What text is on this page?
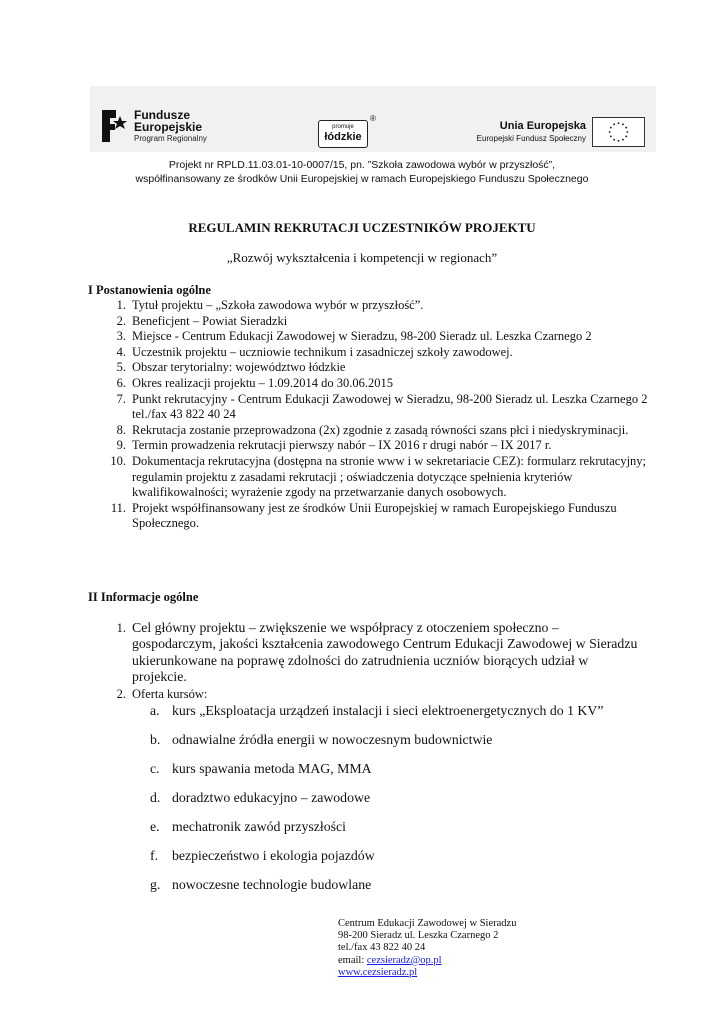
Fundusze
Europejskie
Program Regionalny
promuje
łódzkie
®
Unia Europejska
Europejski Fundusz Społeczny
Projekt nr RPLD.11.03.01-10-0007/15, pn. ”Szkoła zawodowa wybór w przyszłość”,
współfinansowany ze środków Unii Europejskiej w ramach Europejskiego Funduszu Społecznego
REGULAMIN REKRUTACJI UCZESTNIKÓW PROJEKTU
„Rozwój wykształcenia i kompetencji w regionach”
I Postanowienia ogólne
1. Tytuł projektu – „Szkoła zawodowa wybór w przyszłość”.
2. Beneficjent – Powiat Sieradzki
3. Miejsce - Centrum Edukacji Zawodowej w Sieradzu, 98-200 Sieradz ul. Leszka Czarnego 2
4. Uczestnik projektu – uczniowie technikum i zasadniczej szkoły zawodowej.
5. Obszar terytorialny: województwo łódzkie
6. Okres realizacji projektu – 1.09.2014 do 30.06.2015
7. Punkt rekrutacyjny - Centrum Edukacji Zawodowej w Sieradzu, 98-200 Sieradz ul. Leszka Czarnego 2 tel./fax 43 822 40 24
8. Rekrutacja zostanie przeprowadzona (2x) zgodnie z zasadą równości szans płci i niedyskryminacji.
9. Termin prowadzenia rekrutacji pierwszy nabór – IX 2016 r drugi nabór – IX 2017 r.
10. Dokumentacja rekrutacyjna (dostępna na stronie www i w sekretariacie CEZ): formularz rekrutacyjny; regulamin projektu z zasadami rekrutacji ; oświadczenia dotyczące spełnienia kryteriów kwalifikowalności; wyrażenie zgody na przetwarzanie danych osobowych.
11. Projekt współfinansowany jest ze środków Unii Europejskiej w ramach Europejskiego Funduszu Społecznego.
II Informacje ogólne
1. Cel główny projektu – zwiększenie we współpracy z otoczeniem społeczno – gospodarczym, jakości kształcenia zawodowego Centrum Edukacji Zawodowej w Sieradzu ukierunkowane na poprawę zdolności do zatrudnienia uczniów biorących udział w projekcie.
2. Oferta kursów:
a. kurs „Eksploatacja urządzeń instalacji i sieci elektroenergetycznych do 1 KV”
b. odnawialne źródła energii w nowoczesnym budownictwie
c. kurs spawania metoda MAG, MMA
d. doradztwo edukacyjno – zawodowe
e. mechatronik zawód przyszłości
f.	bezpieczeństwo i ekologia pojazdów
g. nowoczesne technologie budowlane
Centrum Edukacji Zawodowej w Sieradzu
98-200 Sieradz ul. Leszka Czarnego 2
tel./fax 43 822 40 24
email: cezsieradz@op.pl
www.cezsieradz.pl
